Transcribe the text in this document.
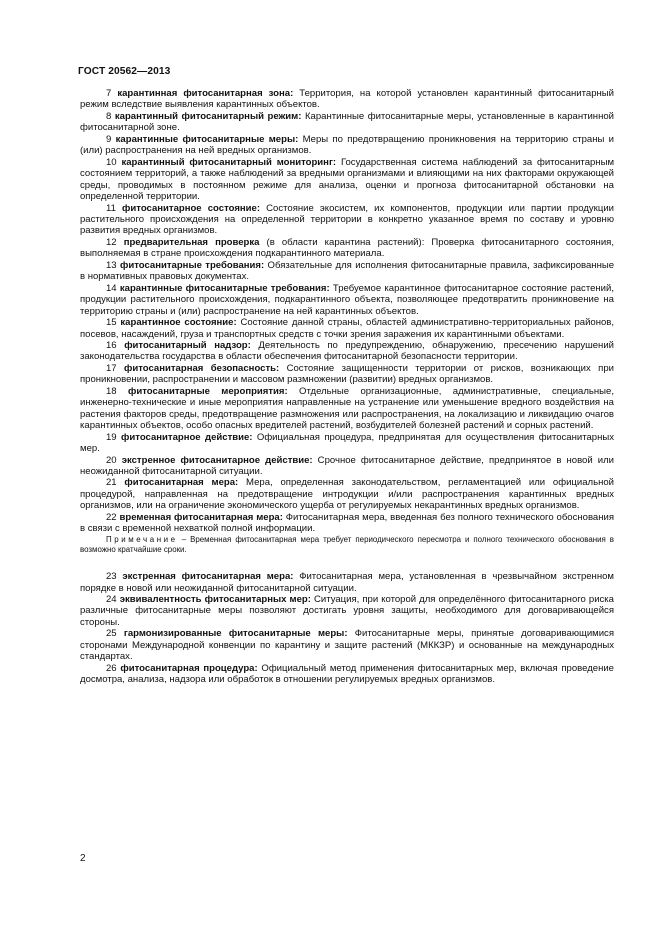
ГОСТ 20562—2013

7 карантинная фитосанитарная зона: Территория, на которой установлен карантинный фитосанитарный режим вследствие выявления карантинных объектов.

8 карантинный фитосанитарный режим: Карантинные фитосанитарные меры, установленные в карантинной фитосанитарной зоне.

9 карантинные фитосанитарные меры: Меры по предотвращению проникновения на территорию страны и (или) распространения на ней вредных организмов.

10 карантинный фитосанитарный мониторинг: Государственная система наблюдений за фитосанитарным состоянием территорий, а также наблюдений за вредными организмами и влияющими на них факторами окружающей среды, проводимых в постоянном режиме для анализа, оценки и прогноза фитосанитарной обстановки на определенной территории.

11 фитосанитарное состояние: Состояние экосистем, их компонентов, продукции или партии продукции растительного происхождения на определенной территории в конкретно указанное время по составу и уровню развития вредных организмов.

12 предварительная проверка (в области карантина растений): Проверка фитосанитарного состояния, выполняемая в стране происхождения подкарантинного материала.

13 фитосанитарные требования: Обязательные для исполнения фитосанитарные правила, зафиксированные в нормативных правовых документах.

14 карантинные фитосанитарные требования: Требуемое карантинное фитосанитарное состояние растений, продукции растительного происхождения, подкарантинного объекта, позволяющее предотвратить проникновение на территорию страны и (или) распространение на ней карантинных объектов.

15 карантинное состояние: Состояние данной страны, областей административно-территориальных районов, посевов, насаждений, груза и транспортных средств с точки зрения заражения их карантинными объектами.

16 фитосанитарный надзор: Деятельность по предупреждению, обнаружению, пресечению нарушений законодательства государства в области обеспечения фитосанитарной безопасности территории.

17 фитосанитарная безопасность: Состояние защищенности территории от рисков, возникающих при проникновении, распространении и массовом размножении (развитии) вредных организмов.

18 фитосанитарные мероприятия: Отдельные организационные, административные, специальные, инженерно-технические и иные мероприятия направленные на устранение или уменьшение вредного воздействия на растения факторов среды, предотвращение размножения или распространения, на локализацию и ликвидацию очагов карантинных объектов, особо опасных вредителей растений, возбудителей болезней растений и сорных растений.

19 фитосанитарное действие: Официальная процедура, предпринятая для осуществления фитосанитарных мер.

20 экстренное фитосанитарное действие: Срочное фитосанитарное действие, предпринятое в новой или неожиданной фитосанитарной ситуации.

21 фитосанитарная мера: Мера, определенная законодательством, регламентацией или официальной процедурой, направленная на предотвращение интродукции и/или распространения карантинных вредных организмов, или на ограничение экономического ущерба от регулируемых некарантинных вредных организмов.

22 временная фитосанитарная мера: Фитосанитарная мера, введенная без полного технического обоснования в связи с временной нехваткой полной информации.

Примечание – Временная фитосанитарная мера требует периодического пересмотра и полного технического обоснования в возможно кратчайшие сроки.

23 экстренная фитосанитарная мера: Фитосанитарная мера, установленная в чрезвычайном экстренном порядке в новой или неожиданной фитосанитарной ситуации.

24 эквивалентность фитосанитарных мер: Ситуация, при которой для определённого фитосанитарного риска различные фитосанитарные меры позволяют достигать уровня защиты, необходимого для договаривающейся стороны.

25 гармонизированные фитосанитарные меры: Фитосанитарные меры, принятые договаривающимися сторонами Международной конвенции по карантину и защите растений (МККЗР) и основанные на международных стандартах.

26 фитосанитарная процедура: Официальный метод применения фитосанитарных мер, включая проведение досмотра, анализа, надзора или обработок в отношении регулируемых вредных организмов.

2
